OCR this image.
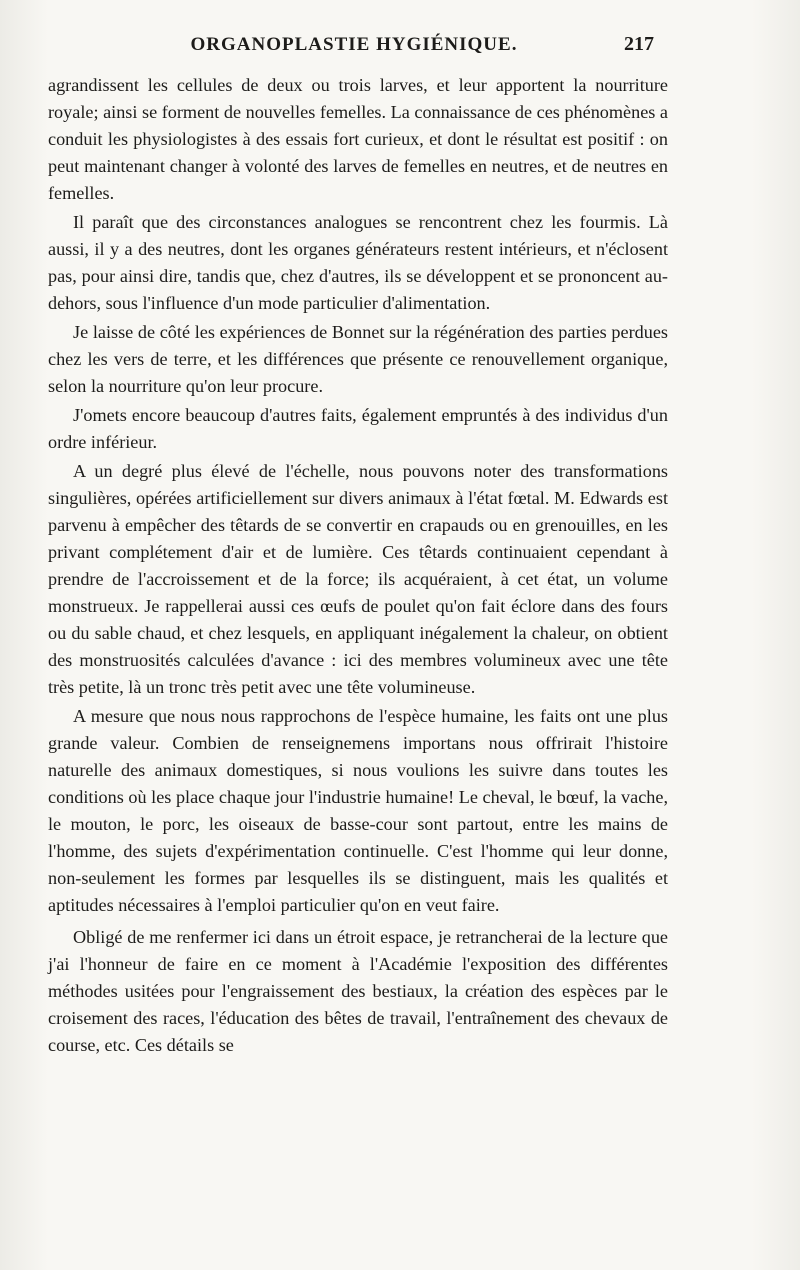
ORGANOPLASTIE HYGIÉNIQUE.	217

agrandissent les cellules de deux ou trois larves, et leur apportent la nourriture royale; ainsi se forment de nouvelles femelles. La connaissance de ces phénomènes a conduit les physiologistes à des essais fort curieux, et dont le résultat est positif : on peut maintenant changer à volonté des larves de femelles en neutres, et de neutres en femelles.

Il paraît que des circonstances analogues se rencontrent chez les fourmis. Là aussi, il y a des neutres, dont les organes générateurs restent intérieurs, et n'éclosent pas, pour ainsi dire, tandis que, chez d'autres, ils se développent et se prononcent au-dehors, sous l'influence d'un mode particulier d'alimentation.

Je laisse de côté les expériences de Bonnet sur la régénération des parties perdues chez les vers de terre, et les différences que présente ce renouvellement organique, selon la nourriture qu'on leur procure.

J'omets encore beaucoup d'autres faits, également empruntés à des individus d'un ordre inférieur.

A un degré plus élevé de l'échelle, nous pouvons noter des transformations singulières, opérées artificiellement sur divers animaux à l'état fœtal. M. Edwards est parvenu à empêcher des têtards de se convertir en crapauds ou en grenouilles, en les privant complétement d'air et de lumière. Ces têtards continuaient cependant à prendre de l'accroissement et de la force; ils acquéraient, à cet état, un volume monstrueux. Je rappellerai aussi ces œufs de poulet qu'on fait éclore dans des fours ou du sable chaud, et chez lesquels, en appliquant inégalement la chaleur, on obtient des monstruosités calculées d'avance : ici des membres volumineux avec une tête très petite, là un tronc très petit avec une tête volumineuse.

A mesure que nous nous rapprochons de l'espèce humaine, les faits ont une plus grande valeur. Combien de renseignemens importans nous offrirait l'histoire naturelle des animaux domestiques, si nous voulions les suivre dans toutes les conditions où les place chaque jour l'industrie humaine! Le cheval, le bœuf, la vache, le mouton, le porc, les oiseaux de basse-cour sont partout, entre les mains de l'homme, des sujets d'expérimentation continuelle. C'est l'homme qui leur donne, non-seulement les formes par lesquelles ils se distinguent, mais les qualités et aptitudes nécessaires à l'emploi particulier qu'on en veut faire.

Obligé de me renfermer ici dans un étroit espace, je retrancherai de la lecture que j'ai l'honneur de faire en ce moment à l'Académie l'exposition des différentes méthodes usitées pour l'engraissement des bestiaux, la création des espèces par le croisement des races, l'éducation des bêtes de travail, l'entraînement des chevaux de course, etc. Ces détails se
